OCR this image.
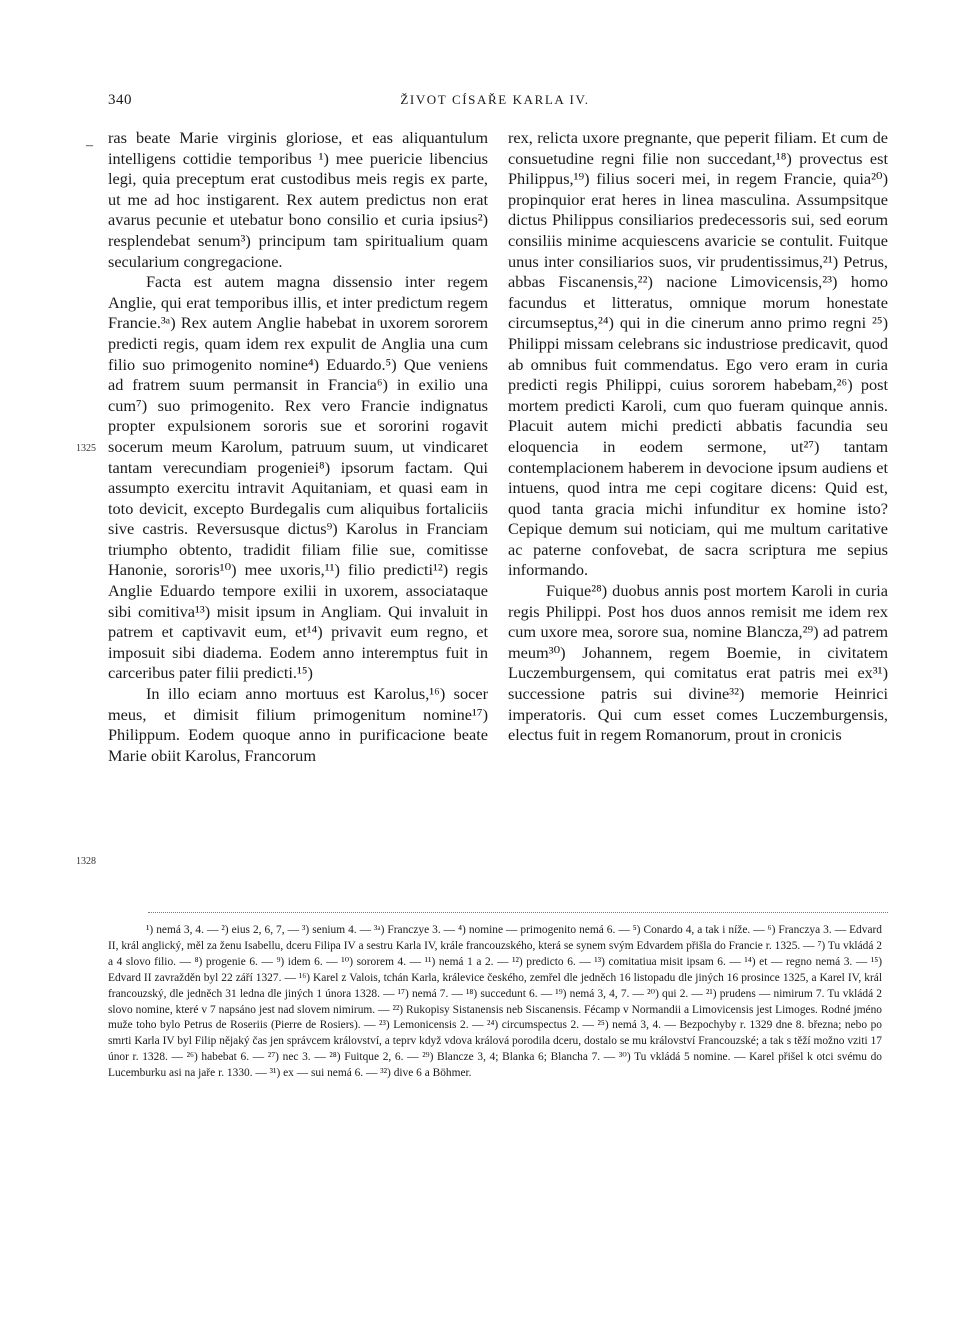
340	ŽIVOT CÍSAŘE KARLA IV.
–
1325
1328

ras beate Marie virginis gloriose, et eas aliquantulum intelligens cottidie temporibus ¹) mee puericie libencius legi, quia preceptum erat custodibus meis regis ex parte, ut me ad hoc instigarent. Rex autem predictus non erat avarus pecunie et utebatur bono consilio et curia ipsius²) resplendebat senum³) principum tam spiritualium quam secularium congregacione.

Facta est autem magna dissensio inter regem Anglie, qui erat temporibus illis, et inter predictum regem Francie.³ᵃ) Rex autem Anglie habebat in uxorem sororem predicti regis, quam idem rex expulit de Anglia una cum filio suo primogenito nomine⁴) Eduardo.⁵) Que veniens ad fratrem suum permansit in Francia⁶) in exilio una cum⁷) suo primogenito. Rex vero Francie indignatus propter expulsionem sororis sue et sororini rogavit socerum meum Karolum, patruum suum, ut vindicaret tantam verecundiam progeniei⁸) ipsorum factam. Qui assumpto exercitu intravit Aquitaniam, et quasi eam in toto devicit, excepto Burdegalis cum aliquibus fortaliciis sive castris. Reversusque dictus⁹) Karolus in Franciam triumpho obtento, tradidit filiam filie sue, comitisse Hanonie, sororis¹⁰) mee uxoris,¹¹) filio predicti¹²) regis Anglie Eduardo tempore exilii in uxorem, associataque sibi comitiva¹³) misit ipsum in Angliam. Qui invaluit in patrem et captivavit eum, et¹⁴) privavit eum regno, et imposuit sibi diadema. Eodem anno interemptus fuit in carceribus pater filii predicti.¹⁵)

In illo eciam anno mortuus est Karolus,¹⁶) socer meus, et dimisit filium primogenitum nomine¹⁷) Philippum. Eodem quoque anno in purificacione beate Marie obiit Karolus, Francorum

rex, relicta uxore pregnante, que peperit filiam. Et cum de consuetudine regni filie non succedant,¹⁸) provectus est Philippus,¹⁹) filius soceri mei, in regem Francie, quia²⁰) propinquior erat heres in linea masculina. Assumpsitque dictus Philippus consiliarios predecessoris sui, sed eorum consiliis minime acquiescens avaricie se contulit. Fuitque unus inter consiliarios suos, vir prudentissimus,²¹) Petrus, abbas Fiscanensis,²²) nacione Limovicensis,²³) homo facundus et litteratus, omnique morum honestate circumseptus,²⁴) qui in die cinerum anno primo regni ²⁵) Philippi missam celebrans sic industriose predicavit, quod ab omnibus fuit commendatus. Ego vero eram in curia predicti regis Philippi, cuius sororem habebam,²⁶) post mortem predicti Karoli, cum quo fueram quinque annis. Placuit autem michi predicti abbatis facundia seu eloquencia in eodem sermone, ut²⁷) tantam contemplacionem haberem in devocione ipsum audiens et intuens, quod intra me cepi cogitare dicens: Quid est, quod tanta gracia michi infunditur ex homine isto? Cepique demum sui noticiam, qui me multum caritative ac paterne confovebat, de sacra scriptura me sepius informando.

Fuique²⁸) duobus annis post mortem Karoli in curia regis Philippi. Post hos duos annos remisit me idem rex cum uxore mea, sorore sua, nomine Blancza,²⁹) ad patrem meum³⁰) Johannem, regem Boemie, in civitatem Luczemburgensem, qui comitatus erat patris mei ex³¹) successione patris sui divine³²) memorie Heinrici imperatoris. Qui cum esset comes Luczemburgensis, electus fuit in regem Romanorum, prout in cronicis

¹) nemá 3, 4. — ²) eius 2, 6, 7, — ³) senium 4. — ³ᵃ) Franczye 3. — ⁴) nomine — primogenito nemá 6. — ⁵) Conardo 4, a tak i níže. — ⁶) Franczya 3. — Edvard II, král anglický, měl za ženu Isabellu, dceru Filipa IV a sestru Karla IV, krále francouzského, která se synem svým Edvardem přišla do Francie r. 1325. — ⁷) Tu vkládá 2 a 4 slovo filio. — ⁸) progenie 6. — ⁹) idem 6. — ¹⁰) sororem 4. — ¹¹) nemá 1 a 2. — ¹²) predicto 6. — ¹³) comitatiua misit ipsam 6. — ¹⁴) et — regno nemá 3. — ¹⁵) Edvard II zavražděn byl 22 září 1327. — ¹⁶) Karel z Valois, tchán Karla, králevice českého, zemřel dle jedněch 16 listopadu dle jiných 16 prosince 1325, a Karel IV, král francouzský, dle jedněch 31 ledna dle jiných 1 února 1328. — ¹⁷) nemá 7. — ¹⁸) succedunt 6. — ¹⁹) nemá 3, 4, 7. — ²⁰) qui 2. — ²¹) prudens — nimirum 7. Tu vkládá 2 slovo nomine, které v 7 napsáno jest nad slovem nimirum. — ²²) Rukopisy Sistanensis neb Siscanensis. Fécamp v Normandii a Limovicensis jest Limoges. Rodné jméno muže toho bylo Petrus de Roseriis (Pierre de Rosiers). — ²³) Lemonicensis 2. — ²⁴) circumspectus 2. — ²⁵) nemá 3, 4. — Bezpochyby r. 1329 dne 8. března; nebo po smrti Karla IV byl Filip nějaký čas jen správcem království, a teprv když vdova králová porodila dceru, dostalo se mu království Francouzské; a tak s těží možno vziti 17 únor r. 1328. — ²⁶) habebat 6. — ²⁷) nec 3. — ²⁸) Fuitque 2, 6. — ²⁹) Blancze 3, 4; Blanka 6; Blancha 7. — ³⁰) Tu vkládá 5 nomine. — Karel přišel k otci svému do Lucemburku asi na jaře r. 1330. — ³¹) ex — sui nemá 6. — ³²) dive 6 a Böhmer.
